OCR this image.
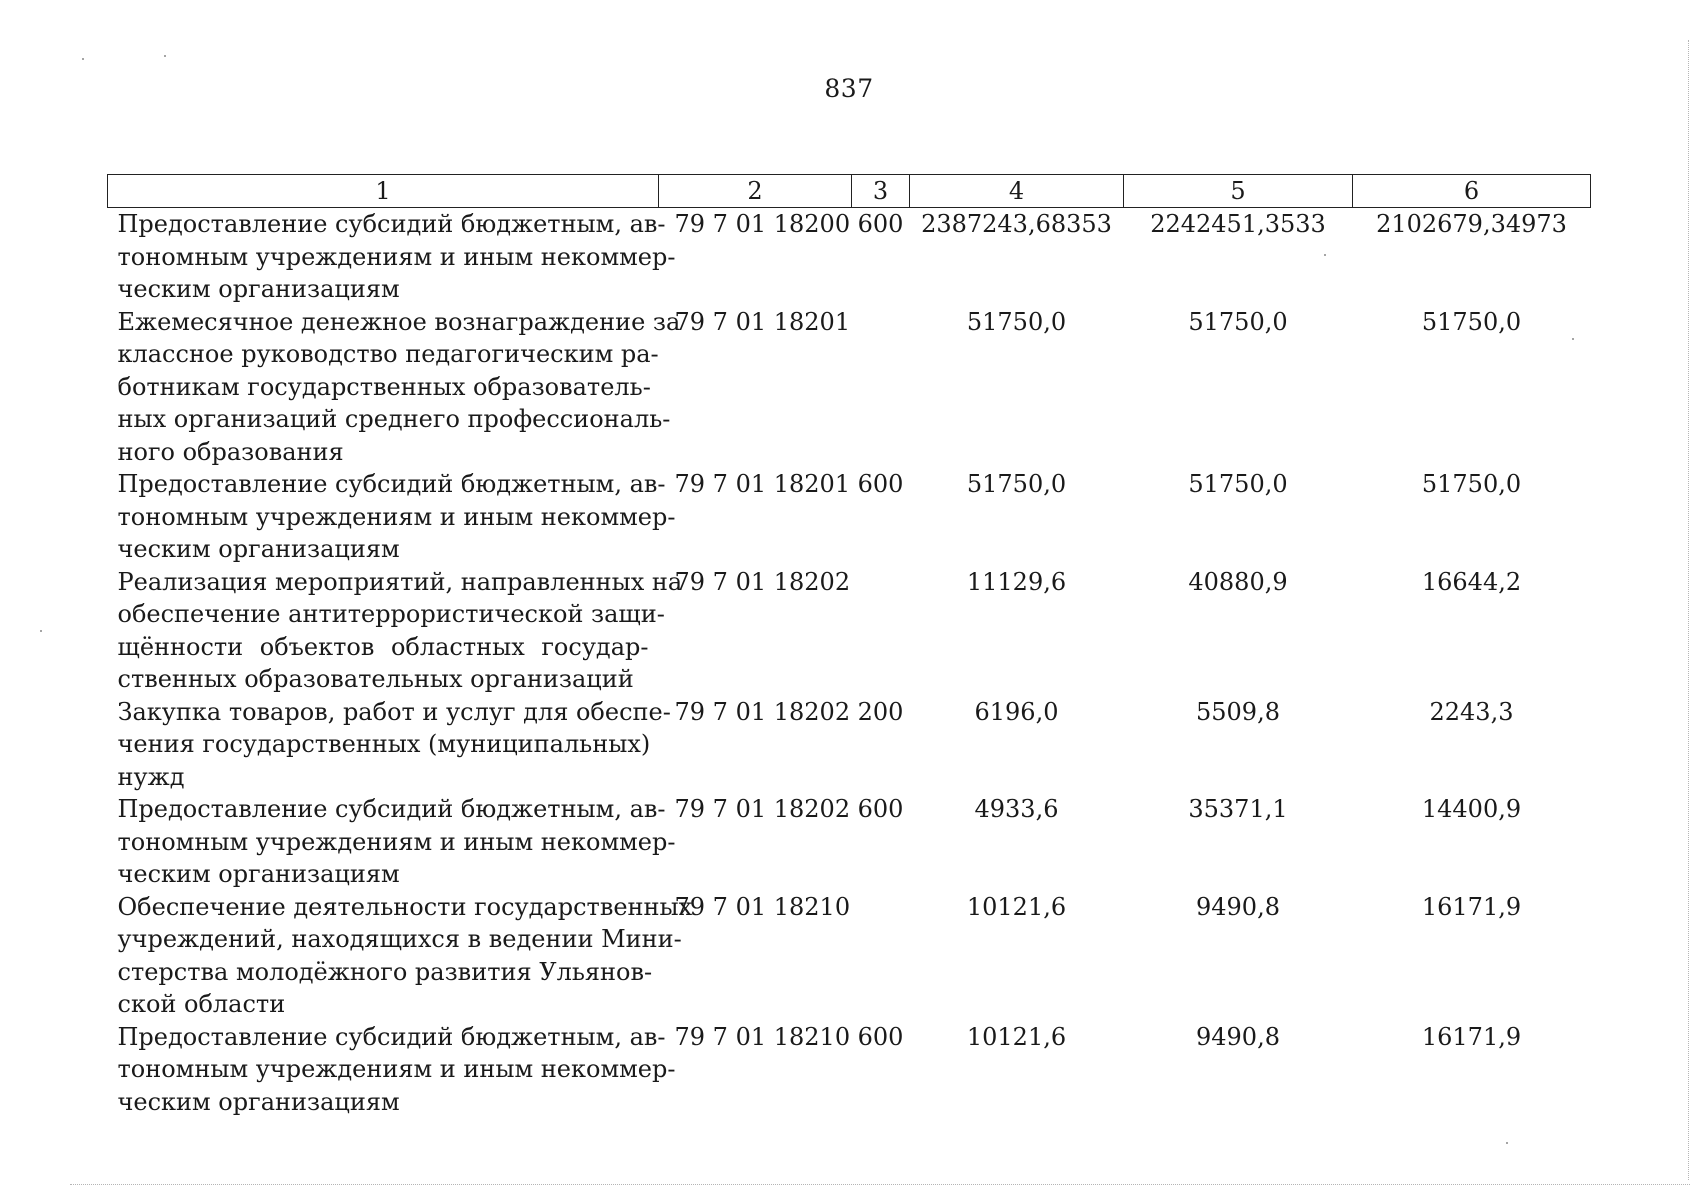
837
1	2	3	4	5	6

Предоставление субсидий бюджетным, ав-
тономным учреждениям и иным некоммер-
ческим организациям	79 7 01 18200	600	2387243,68353	2242451,3533	2102679,34973

Ежемесячное денежное вознаграждение за
классное руководство педагогическим ра-
ботникам государственных образователь-
ных организаций среднего профессиональ-
ного образования	79 7 01 18201		51750,0	51750,0	51750,0

Предоставление субсидий бюджетным, ав-
тономным учреждениям и иным некоммер-
ческим организациям	79 7 01 18201	600	51750,0	51750,0	51750,0

Реализация мероприятий, направленных на
обеспечение антитеррористической защи-
щённости объектов областных государ-
ственных образовательных организаций	79 7 01 18202		11129,6	40880,9	16644,2

Закупка товаров, работ и услуг для обеспе-
чения государственных (муниципальных)
нужд	79 7 01 18202	200	6196,0	5509,8	2243,3

Предоставление субсидий бюджетным, ав-
тономным учреждениям и иным некоммер-
ческим организациям	79 7 01 18202	600	4933,6	35371,1	14400,9

Обеспечение деятельности государственных
учреждений, находящихся в ведении Мини-
стерства молодёжного развития Ульянов-
ской области	79 7 01 18210		10121,6	9490,8	16171,9

Предоставление субсидий бюджетным, ав-
тономным учреждениям и иным некоммер-
ческим организациям	79 7 01 18210	600	10121,6	9490,8	16171,9
